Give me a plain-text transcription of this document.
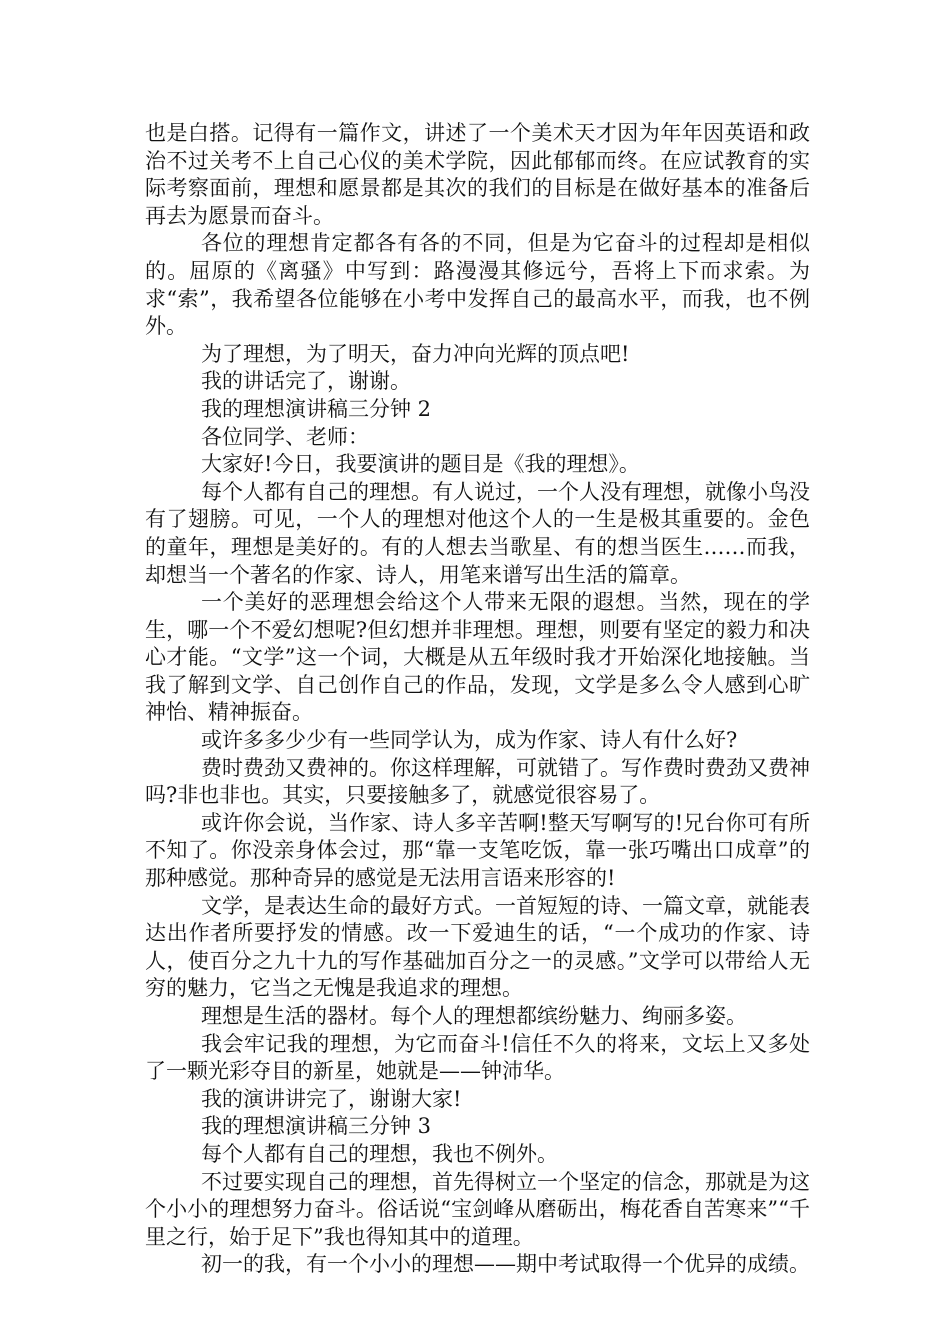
也是白搭。记得有一篇作文，讲述了一个美术天才因为年年因英语和政治不过关考不上自己心仪的美术学院，因此郁郁而终。在应试教育的实际考察面前，理想和愿景都是其次的我们的目标是在做好基本的准备后再去为愿景而奋斗。

各位的理想肯定都各有各的不同，但是为它奋斗的过程却是相似的。屈原的《离骚》中写到：路漫漫其修远兮，吾将上下而求索。为求“索”，我希望各位能够在小考中发挥自己的最高水平，而我，也不例外。

为了理想，为了明天，奋力冲向光辉的顶点吧!

我的讲话完了，谢谢。

我的理想演讲稿三分钟 2

各位同学、老师：

大家好!今日，我要演讲的题目是《我的理想》。

每个人都有自己的理想。有人说过，一个人没有理想，就像小鸟没有了翅膀。可见，一个人的理想对他这个人的一生是极其重要的。金色的童年，理想是美好的。有的人想去当歌星、有的想当医生……而我，却想当一个著名的作家、诗人，用笔来谱写出生活的篇章。

一个美好的恶理想会给这个人带来无限的遐想。当然，现在的学生，哪一个不爱幻想呢?但幻想并非理想。理想，则要有坚定的毅力和决心才能。“文学”这一个词，大概是从五年级时我才开始深化地接触。当我了解到文学、自己创作自己的作品，发现，文学是多么令人感到心旷神怡、精神振奋。

或许多多少少有一些同学认为，成为作家、诗人有什么好?

费时费劲又费神的。你这样理解，可就错了。写作费时费劲又费神吗?非也非也。其实，只要接触多了，就感觉很容易了。

或许你会说，当作家、诗人多辛苦啊!整天写啊写的!兄台你可有所不知了。你没亲身体会过，那“靠一支笔吃饭，靠一张巧嘴出口成章”的那种感觉。那种奇异的感觉是无法用言语来形容的!

文学，是表达生命的最好方式。一首短短的诗、一篇文章，就能表达出作者所要抒发的情感。改一下爱迪生的话，“一个成功的作家、诗人，使百分之九十九的写作基础加百分之一的灵感。”文学可以带给人无穷的魅力，它当之无愧是我追求的理想。

理想是生活的器材。每个人的理想都缤纷魅力、绚丽多姿。

我会牢记我的理想，为它而奋斗!信任不久的将来，文坛上又多处了一颗光彩夺目的新星，她就是——钟沛华。

我的演讲讲完了，谢谢大家!

我的理想演讲稿三分钟 3

每个人都有自己的理想，我也不例外。

不过要实现自己的理想，首先得树立一个坚定的信念，那就是为这个小小的理想努力奋斗。俗话说“宝剑峰从磨砺出，梅花香自苦寒来”“千里之行，始于足下”我也得知其中的道理。

初一的我，有一个小小的理想——期中考试取得一个优异的成绩。
